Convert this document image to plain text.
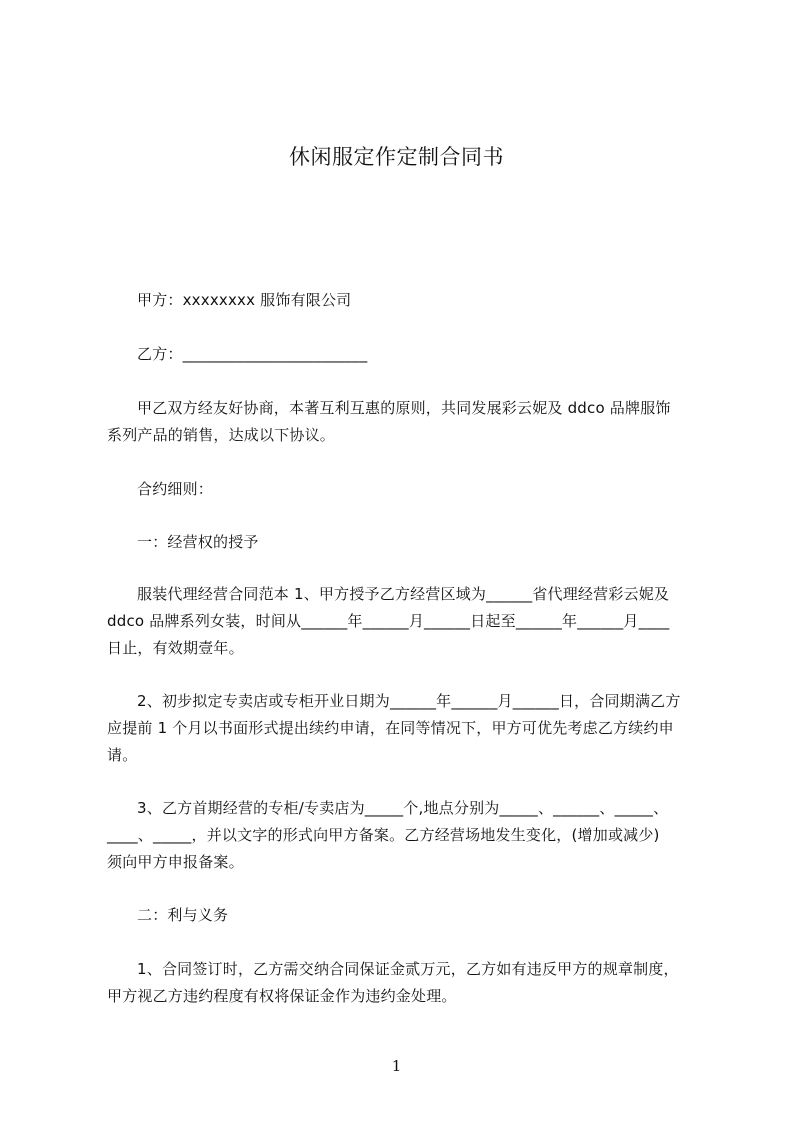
休闲服定作定制合同书
甲方：xxxxxxxx 服饰有限公司
乙方：________________________
甲乙双方经友好协商，本著互利互惠的原则，共同发展彩云妮及 ddco 品牌服饰
系列产品的销售，达成以下协议。
合约细则：
一：经营权的授予
服装代理经营合同范本 1、甲方授予乙方经营区域为______省代理经营彩云妮及
ddco 品牌系列女装，时间从______年______月______日起至______年______月____
日止，有效期壹年。
2、初步拟定专卖店或专柜开业日期为______年______月______日，合同期满乙方
应提前 1 个月以书面形式提出续约申请，在同等情况下，甲方可优先考虑乙方续约申
请。
3、乙方首期经营的专柜/专卖店为_____个,地点分别为_____、______、_____、
____、_____，并以文字的形式向甲方备案。乙方经营场地发生变化，(增加或减少)
须向甲方申报备案。
二：利与义务
1、合同签订时，乙方需交纳合同保证金贰万元，乙方如有违反甲方的规章制度，
甲方视乙方违约程度有权将保证金作为违约金处理。
1
